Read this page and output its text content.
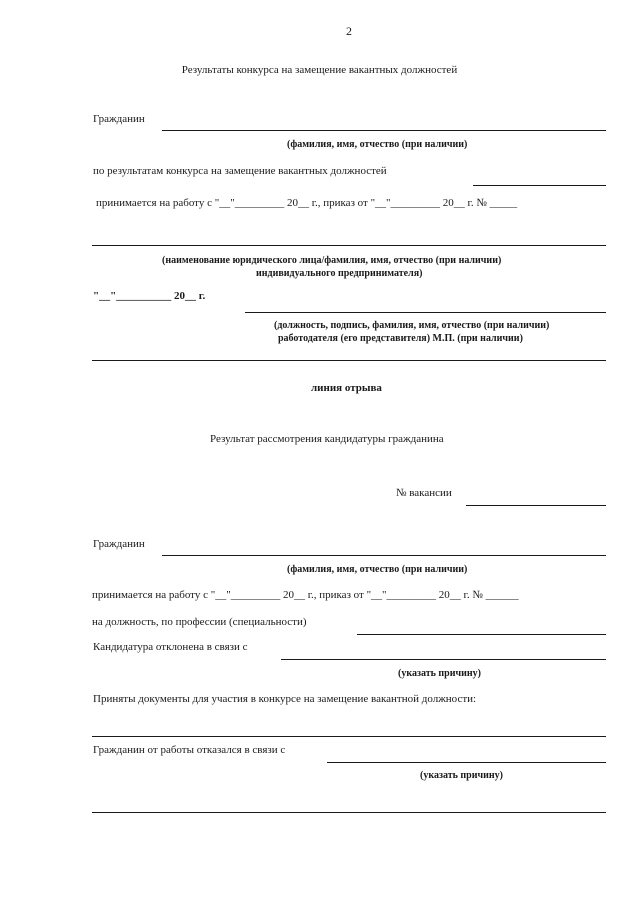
2
Результаты конкурса на замещение вакантных должностей
Гражданин
(фамилия, имя, отчество (при наличии)
по результатам конкурса на замещение вакантных должностей
принимается на работу с "__"_________ 20__ г., приказ от "__"_________ 20__ г. № _____
(наименование юридического лица/фамилия, имя, отчество (при наличии)
индивидуального предпринимателя)
"__"__________ 20__ г.
(должность, подпись, фамилия, имя, отчество (при наличии)
работодателя (его представителя) М.П. (при наличии)
линия отрыва
Результат рассмотрения кандидатуры гражданина
№ вакансии
Гражданин
(фамилия, имя, отчество (при наличии)
принимается на работу с "__"_________ 20__ г., приказ от "__"_________ 20__ г. № ______
на должность, по профессии (специальности)
Кандидатура отклонена в связи с
(указать причину)
Приняты документы для участия в конкурсе на замещение вакантной должности:
Гражданин от работы отказался в связи с
(указать причину)
